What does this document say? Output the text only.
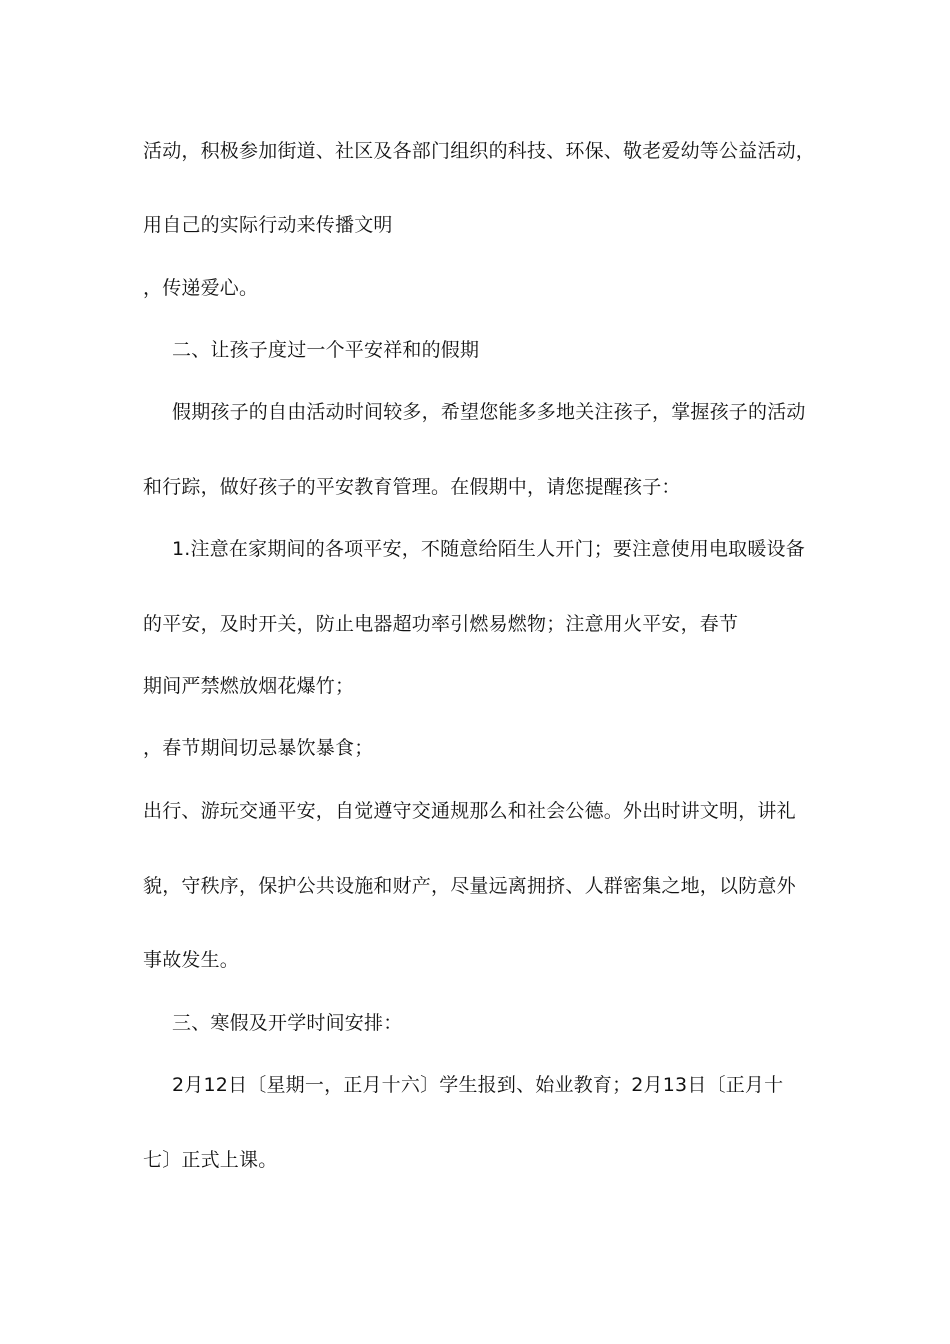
活动，积极参加街道、社区及各部门组织的科技、环保、敬老爱幼等公益活动，
用自己的实际行动来传播文明
，传递爱心。
二、让孩子度过一个平安祥和的假期
假期孩子的自由活动时间较多，希望您能多多地关注孩子，掌握孩子的活动
和行踪，做好孩子的平安教育管理。在假期中，请您提醒孩子：
1.注意在家期间的各项平安，不随意给陌生人开门；要注意使用电取暖设备
的平安，及时开关，防止电器超功率引燃易燃物；注意用火平安，春节
期间严禁燃放烟花爆竹；
，春节期间切忌暴饮暴食；
出行、游玩交通平安，自觉遵守交通规那么和社会公德。外出时讲文明，讲礼
貌，守秩序，保护公共设施和财产，尽量远离拥挤、人群密集之地，以防意外
事故发生。
三、寒假及开学时间安排：
2月12日〔星期一，正月十六〕学生报到、始业教育；2月13日〔正月十
七〕正式上课。
